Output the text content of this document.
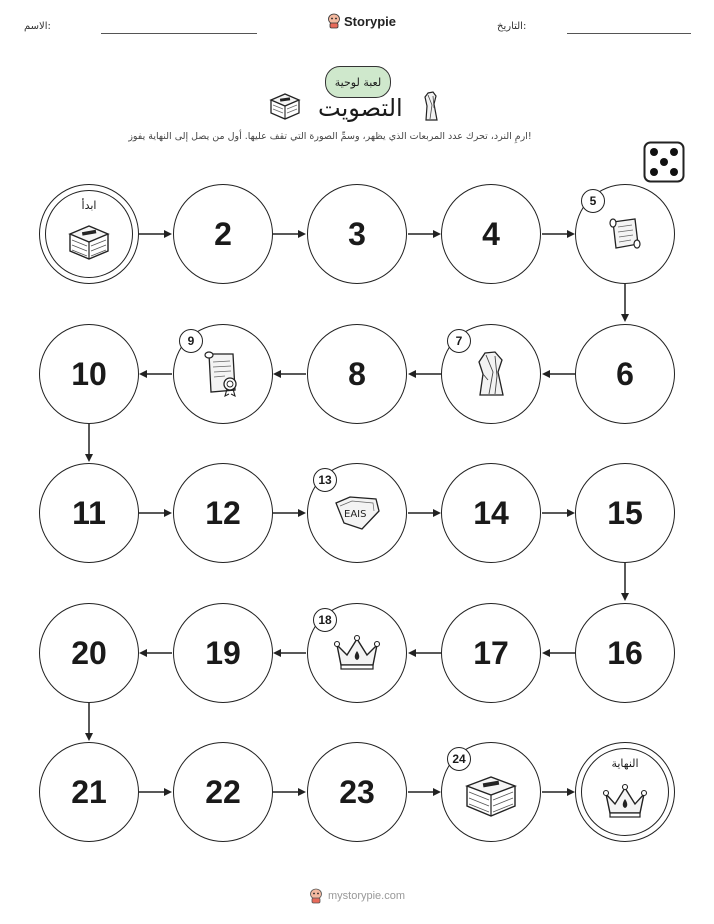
الاسم:	Storypie	التاريخ:
لعبة لوحية
التصويت
ارمِ النرد، تحرك عدد المربعات الذي يظهر، وسمِّ الصورة التي تقف عليها. أول من يصل إلى النهاية يفوز!
ابدأ
2	3	4
5
10
9
8
7
6
11	12
13
EAIS	14	15
20	19
18
17	16
21	22	23
24	النهاية
mystorypie.com
